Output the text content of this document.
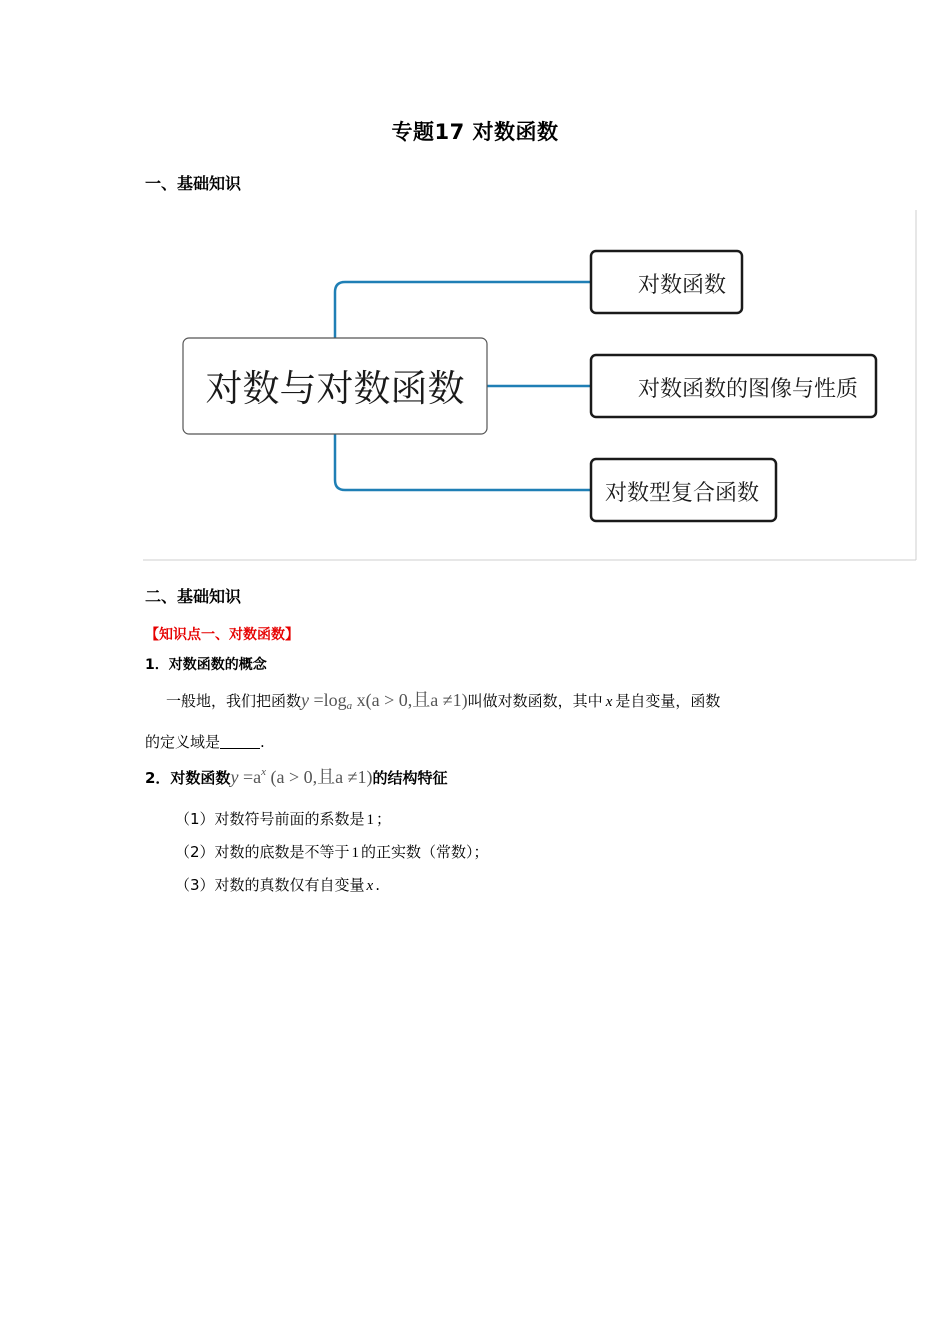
专题17 对数函数
一、基础知识
对数与对数函数
对数函数
对数函数的图像与性质
对数型复合函数
二、基础知识
【知识点一、对数函数】
1．对数函数的概念
一般地，我们把函数y =loga x(a > 0,且a ≠1)叫做对数函数，其中 x 是自变量，函数
的定义域是	.
2．对数函数$y =a^x$ (a > 0,且a ≠1)的结构特征
（1）对数符号前面的系数是 1 ；
（2）对数的底数是不等于 1 的正实数（常数）；
（3）对数的真数仅有自变量 x .
